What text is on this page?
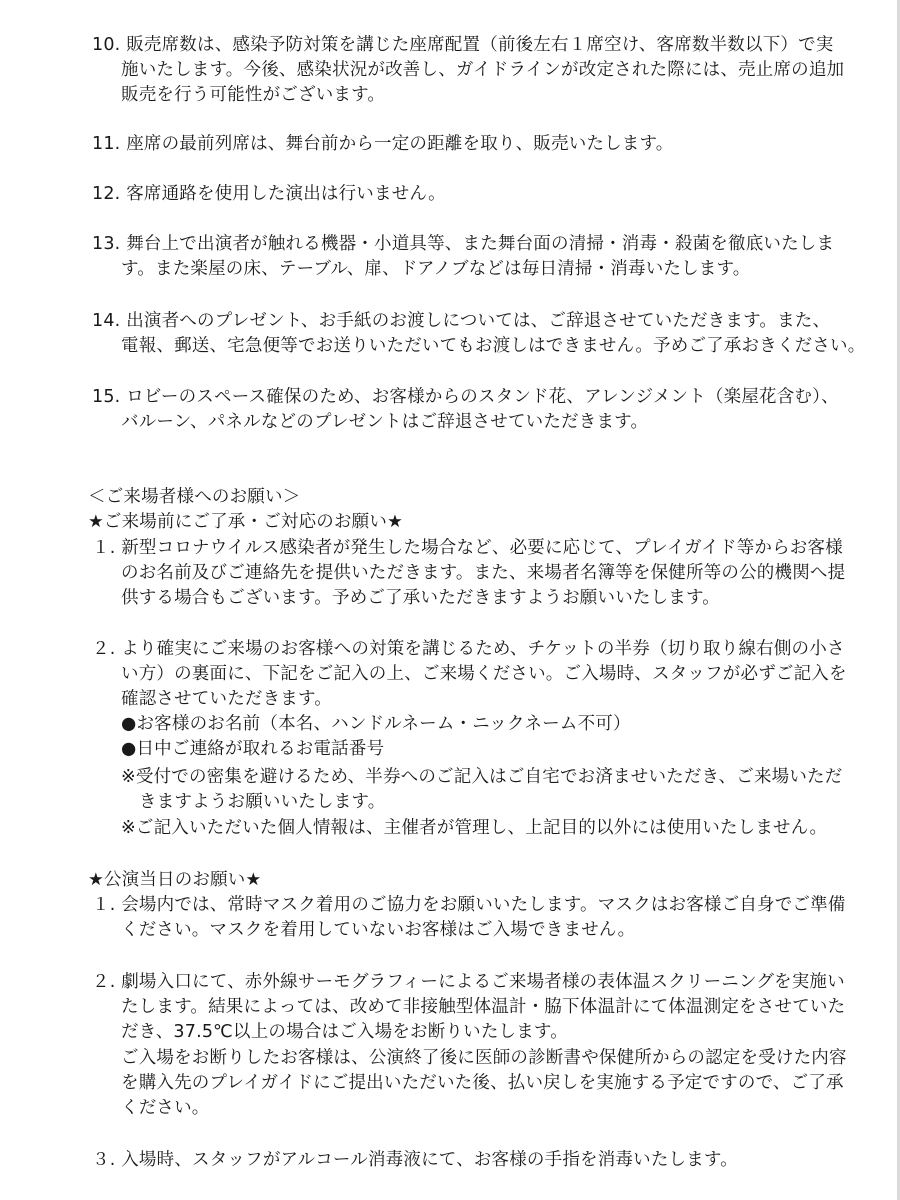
10. 販売席数は、感染予防対策を講じた座席配置（前後左右１席空け、客席数半数以下）で実
施いたします。今後、感染状況が改善し、ガイドラインが改定された際には、売止席の追加
販売を行う可能性がございます。
11. 座席の最前列席は、舞台前から一定の距離を取り、販売いたします。
12. 客席通路を使用した演出は行いません。
13. 舞台上で出演者が触れる機器・小道具等、また舞台面の清掃・消毒・殺菌を徹底いたしま
す。また楽屋の床、テーブル、扉、ドアノブなどは毎日清掃・消毒いたします。
14. 出演者へのプレゼント、お手紙のお渡しについては、ご辞退させていただきます。また、
電報、郵送、宅急便等でお送りいただいてもお渡しはできません。予めご了承おきください。
15. ロビーのスペース確保のため、お客様からのスタンド花、アレンジメント（楽屋花含む）、
バルーン、パネルなどのプレゼントはご辞退させていただきます。
＜ご来場者様へのお願い＞
★ご来場前にご了承・ご対応のお願い★
１. 新型コロナウイルス感染者が発生した場合など、必要に応じて、プレイガイド等からお客様
のお名前及びご連絡先を提供いただきます。また、来場者名簿等を保健所等の公的機関へ提
供する場合もございます。予めご了承いただきますようお願いいたします。
２. より確実にご来場のお客様への対策を講じるため、チケットの半券（切り取り線右側の小さ
い方）の裏面に、下記をご記入の上、ご来場ください。ご入場時、スタッフが必ずご記入を
確認させていただきます。
●お客様のお名前（本名、ハンドルネーム・ニックネーム不可）
●日中ご連絡が取れるお電話番号
※受付での密集を避けるため、半券へのご記入はご自宅でお済ませいただき、ご来場いただ
きますようお願いいたします。
※ご記入いただいた個人情報は、主催者が管理し、上記目的以外には使用いたしません。
★公演当日のお願い★
１. 会場内では、常時マスク着用のご協力をお願いいたします。マスクはお客様ご自身でご準備
ください。マスクを着用していないお客様はご入場できません。
２. 劇場入口にて、赤外線サーモグラフィーによるご来場者様の表体温スクリーニングを実施い
たします。結果によっては、改めて非接触型体温計・脇下体温計にて体温測定をさせていた
だき、37.5℃以上の場合はご入場をお断りいたします。
ご入場をお断りしたお客様は、公演終了後に医師の診断書や保健所からの認定を受けた内容
を購入先のプレイガイドにご提出いただいた後、払い戻しを実施する予定ですので、ご了承
ください。
３. 入場時、スタッフがアルコール消毒液にて、お客様の手指を消毒いたします。
